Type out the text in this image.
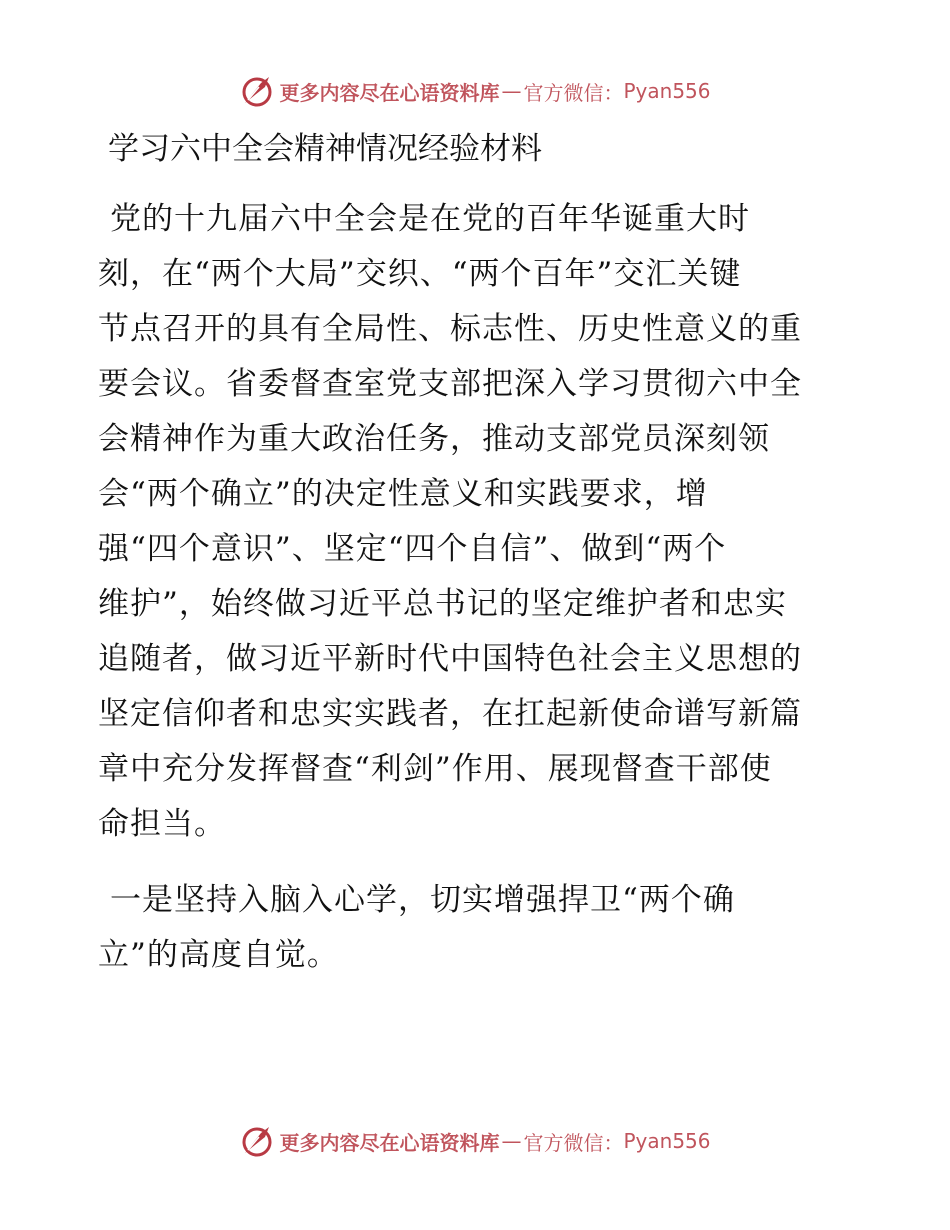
更多内容尽在心语资料库 — 官方微信： Pyan556
学习六中全会精神情况经验材料

党的十九届六中全会是在党的百年华诞重大时
刻，在“两个大局”交织、“两个百年”交汇关键
节点召开的具有全局性、标志性、历史性意义的重
要会议。省委督查室党支部把深入学习贯彻六中全
会精神作为重大政治任务，推动支部党员深刻领
会“两个确立”的决定性意义和实践要求，增
强“四个意识”、坚定“四个自信”、做到“两个
维护”，始终做习近平总书记的坚定维护者和忠实
追随者，做习近平新时代中国特色社会主义思想的
坚定信仰者和忠实实践者，在扛起新使命谱写新篇
章中充分发挥督查“利剑”作用、展现督查干部使
命担当。

一是坚持入脑入心学，切实增强捍卫“两个确
立”的高度自觉。

更多内容尽在心语资料库 — 官方微信： Pyan556
